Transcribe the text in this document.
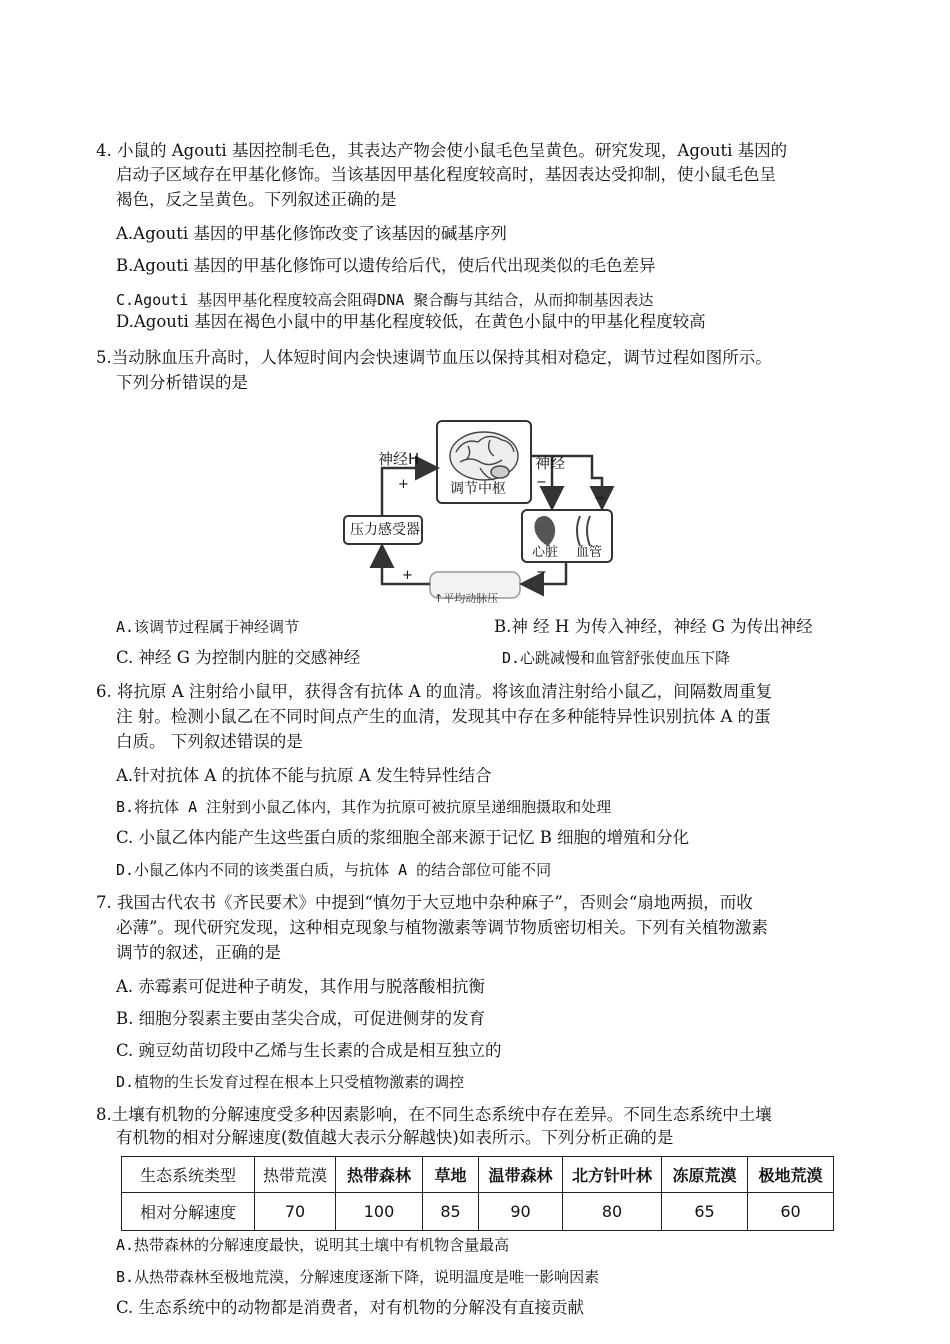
4. 小鼠的 Agouti 基因控制毛色，其表达产物会使小鼠毛色呈黄色。研究发现，Agouti 基因的
启动子区域存在甲基化修饰。当该基因甲基化程度较高时，基因表达受抑制，使小鼠毛色呈
褐色，反之呈黄色。下列叙述正确的是
A.Agouti 基因的甲基化修饰改变了该基因的碱基序列
B.Agouti 基因的甲基化修饰可以遗传给后代，使后代出现类似的毛色差异
C.Agouti 基因甲基化程度较高会阻碍DNA 聚合酶与其结合，从而抑制基因表达
D.Agouti 基因在褐色小鼠中的甲基化程度较低，在黄色小鼠中的甲基化程度较高
5.当动脉血压升高时，人体短时间内会快速调节血压以保持其相对稳定，调节过程如图所示。
下列分析错误的是
神经H
+	调节中枢
神经
−
−
压力感受器
心脏 血管
−
+
↑平均动脉压
A.该调节过程属于神经调节	B.神 经 H 为传入神经，神经 G 为传出神经
C. 神经 G 为控制内脏的交感神经	D.心跳减慢和血管舒张使血压下降
6. 将抗原 A 注射给小鼠甲，获得含有抗体 A 的血清。将该血清注射给小鼠乙，间隔数周重复
注 射。检测小鼠乙在不同时间点产生的血清，发现其中存在多种能特异性识别抗体 A 的蛋
白质。 下列叙述错误的是
A.针对抗体 A 的抗体不能与抗原 A 发生特异性结合
B.将抗体 A 注射到小鼠乙体内，其作为抗原可被抗原呈递细胞摄取和处理
C. 小鼠乙体内能产生这些蛋白质的浆细胞全部来源于记忆 B 细胞的增殖和分化
D.小鼠乙体内不同的该类蛋白质，与抗体 A 的结合部位可能不同
7. 我国古代农书《齐民要术》中提到“慎勿于大豆地中杂种麻子”，否则会“扇地两损，而收
必薄”。现代研究发现，这种相克现象与植物激素等调节物质密切相关。下列有关植物激素
调节的叙述，正确的是
A. 赤霉素可促进种子萌发，其作用与脱落酸相抗衡
B. 细胞分裂素主要由茎尖合成，可促进侧芽的发育
C. 豌豆幼苗切段中乙烯与生长素的合成是相互独立的
D.植物的生长发育过程在根本上只受植物激素的调控
8.土壤有机物的分解速度受多种因素影响，在不同生态系统中存在差异。不同生态系统中土壤
有机物的相对分解速度(数值越大表示分解越快)如表所示。下列分析正确的是
生态系统类型	热带荒漠	热带森林	草地	温带森林	北方针叶林	冻原荒漠	极地荒漠
相对分解速度	70	100	85	90	80	65	60
A.热带森林的分解速度最快，说明其土壤中有机物含量最高
B.从热带森林至极地荒漠，分解速度逐渐下降，说明温度是唯一影响因素
C. 生态系统中的动物都是消费者，对有机物的分解没有直接贡献
